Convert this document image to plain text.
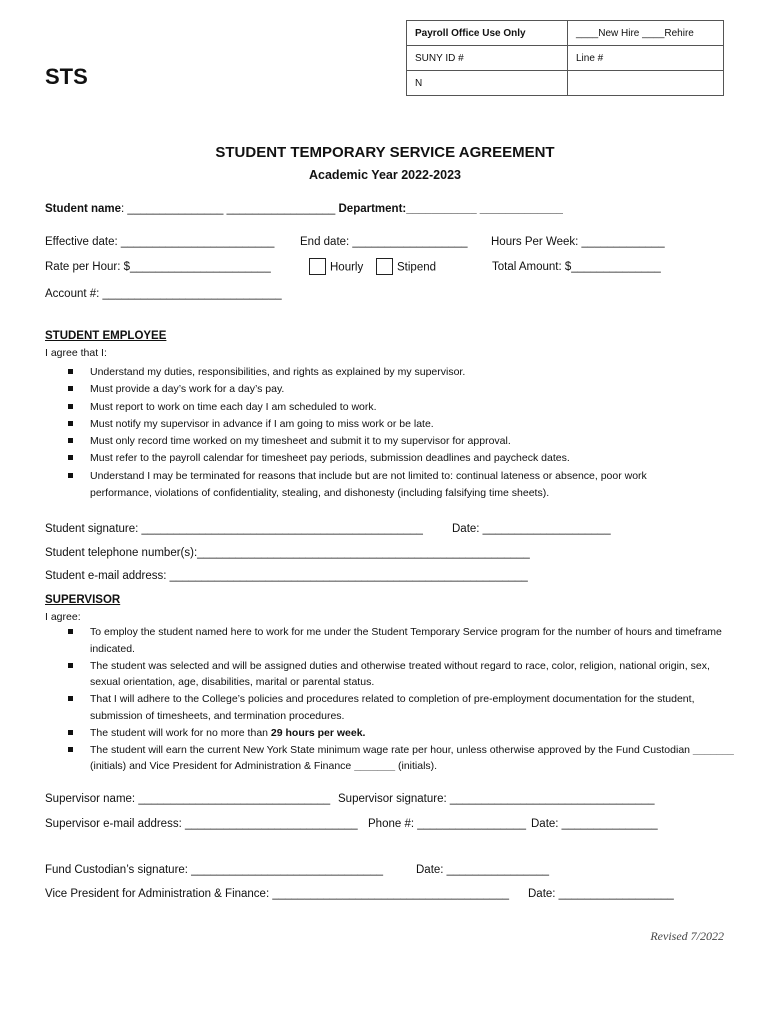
STS
Payroll Office Use Only	____New Hire ____Rehire
SUNY ID #	Line #
N	
STUDENT TEMPORARY SERVICE AGREEMENT
Academic Year 2022-2023
Student name: _______________ _________________ Department:___________ _____________
Effective date: ________________________ End date: __________________ Hours Per Week: _____________
Rate per Hour: $______________________	Hourly	Stipend	Total Amount: $______________
Account #: ____________________________
STUDENT EMPLOYEE
I agree that I:
Understand my duties, responsibilities, and rights as explained by my supervisor.
Must provide a day’s work for a day’s pay.
Must report to work on time each day I am scheduled to work.
Must notify my supervisor in advance if I am going to miss work or be late.
Must only record time worked on my timesheet and submit it to my supervisor for approval.
Must refer to the payroll calendar for timesheet pay periods, submission deadlines and paycheck dates.
Understand I may be terminated for reasons that include but are not limited to: continual lateness or absence, poor work performance, violations of confidentiality, stealing, and dishonesty (including falsifying time sheets).
Student signature: ____________________________________________	Date: ____________________
Student telephone number(s):____________________________________________________
Student e-mail address: ________________________________________________________
SUPERVISOR
I agree:
To employ the student named here to work for me under the Student Temporary Service program for the number of hours and timeframe indicated.
The student was selected and will be assigned duties and otherwise treated without regard to race, color, religion, national origin, sex, sexual orientation, age, disabilities, marital or parental status.
That I will adhere to the College’s policies and procedures related to completion of pre-employment documentation for the student, submission of timesheets, and termination procedures.
The student will work for no more than 29 hours per week.
The student will earn the current New York State minimum wage rate per hour, unless otherwise approved by the Fund Custodian _______ (initials) and Vice President for Administration & Finance _______ (initials).
Supervisor name: ______________________________ Supervisor signature: ________________________________
Supervisor e-mail address: ___________________________ Phone #: _________________ Date: _______________
Fund Custodian’s signature: ______________________________	Date: ________________
Vice President for Administration & Finance: _____________________________________ Date: __________________
Revised 7/2022
